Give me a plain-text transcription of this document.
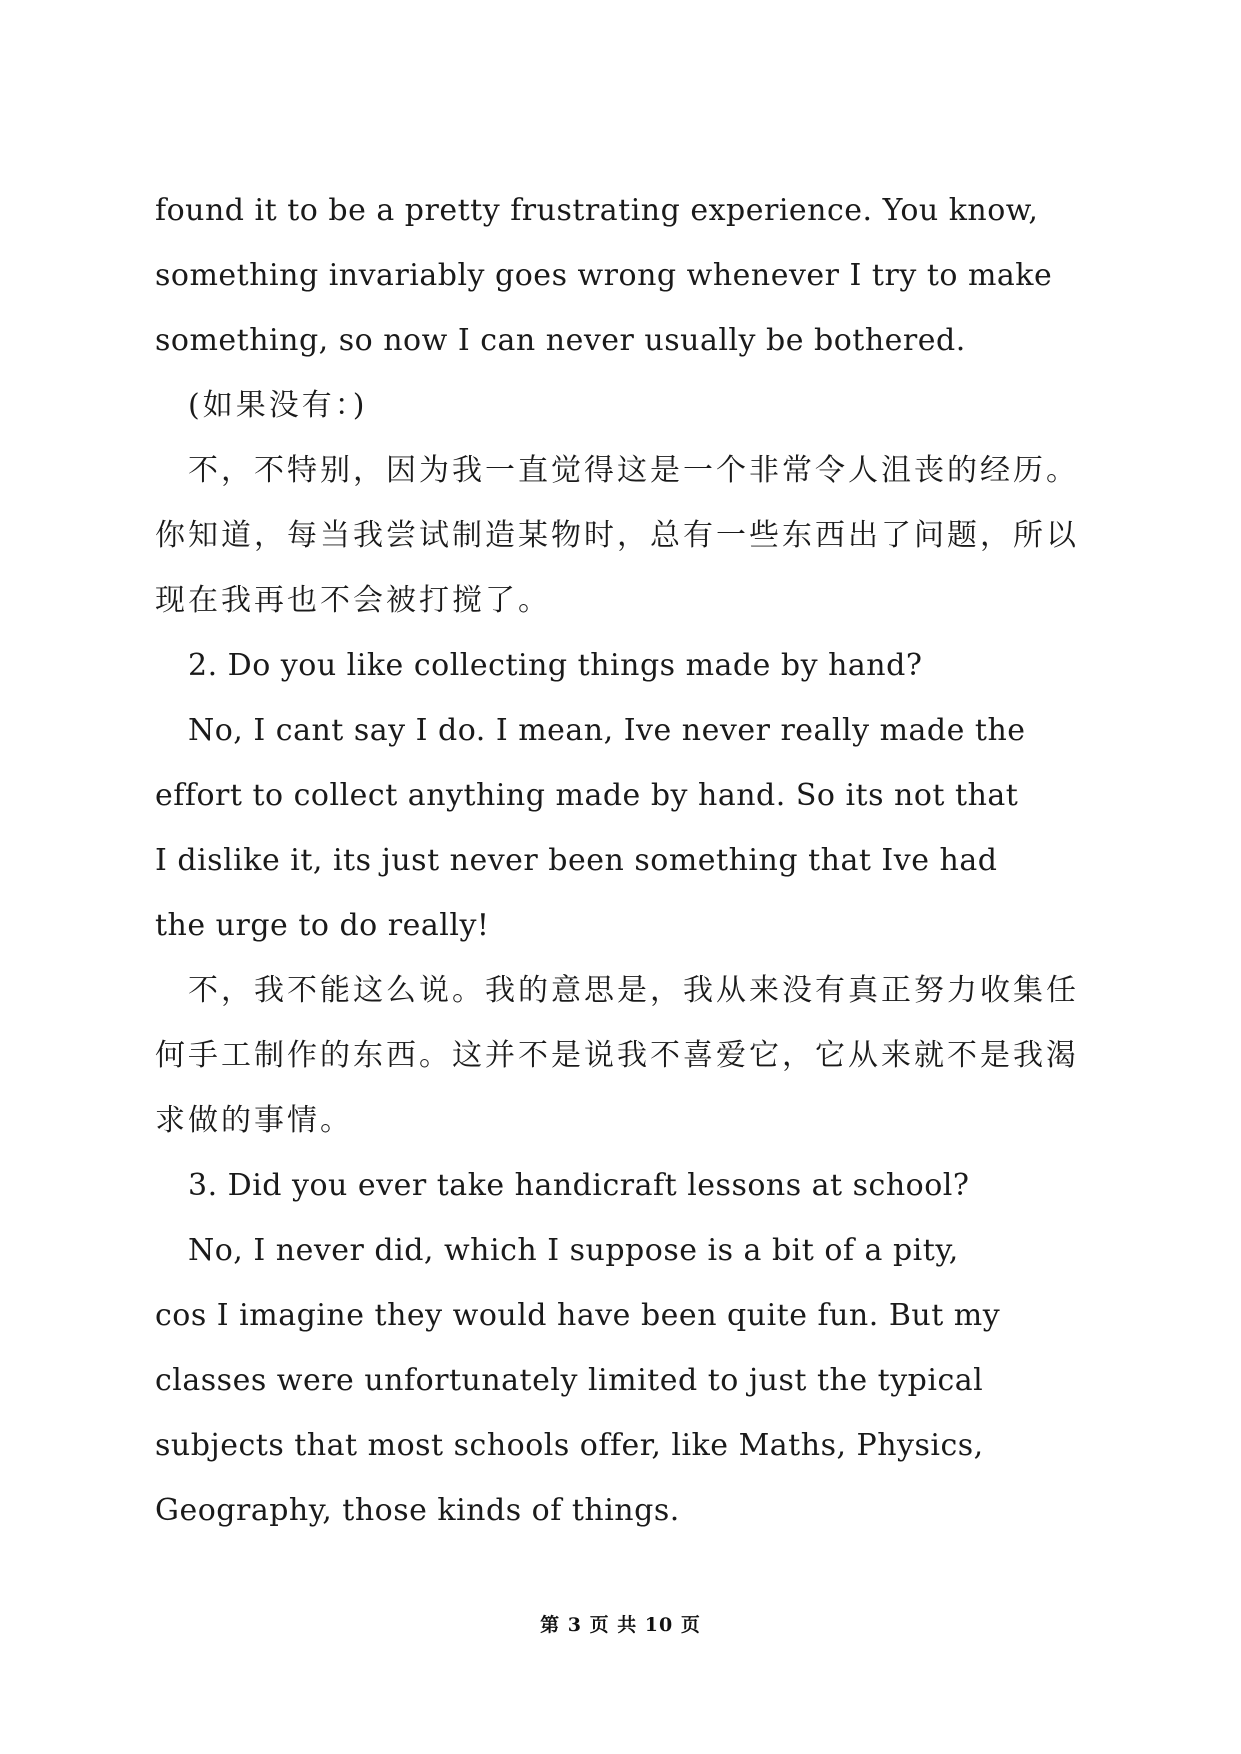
found it to be a pretty frustrating experience. You know,
something invariably goes wrong whenever I try to make
something, so now I can never usually be bothered.
(如果没有：)
不，不特别，因为我一直觉得这是一个非常令人沮丧的经历。
你知道，每当我尝试制造某物时，总有一些东西出了问题，所以
现在我再也不会被打搅了。
2. Do you like collecting things made by hand?
No, I cant say I do. I mean, Ive never really made the
effort to collect anything made by hand. So its not that
I dislike it, its just never been something that Ive had
the urge to do really!
不，我不能这么说。我的意思是，我从来没有真正努力收集任
何手工制作的东西。这并不是说我不喜爱它，它从来就不是我渴
求做的事情。
3. Did you ever take handicraft lessons at school?
No, I never did, which I suppose is a bit of a pity,
cos I imagine they would have been quite fun. But my
classes were unfortunately limited to just the typical
subjects that most schools offer, like Maths, Physics,
Geography, those kinds of things.
第 3 页 共 10 页
